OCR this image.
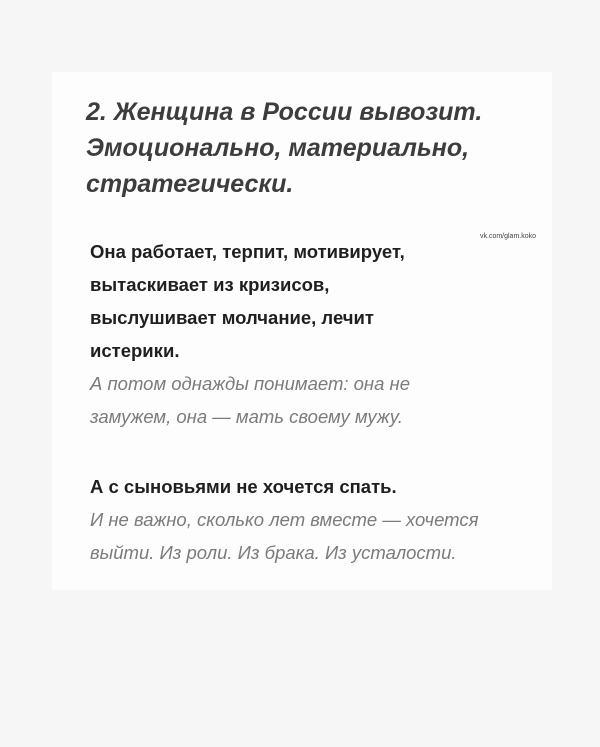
2. Женщина в России вывозит.
Эмоционально, материально,
стратегически.
vk.com/glam.koko
Она работает, терпит, мотивирует,
вытаскивает из кризисов,
выслушивает молчание, лечит
истерики.
А потом однажды понимает: она не
замужем, она — мать своему мужу.
А с сыновьями не хочется спать.
И не важно, сколько лет вместе — хочется
выйти. Из роли. Из брака. Из усталости.
